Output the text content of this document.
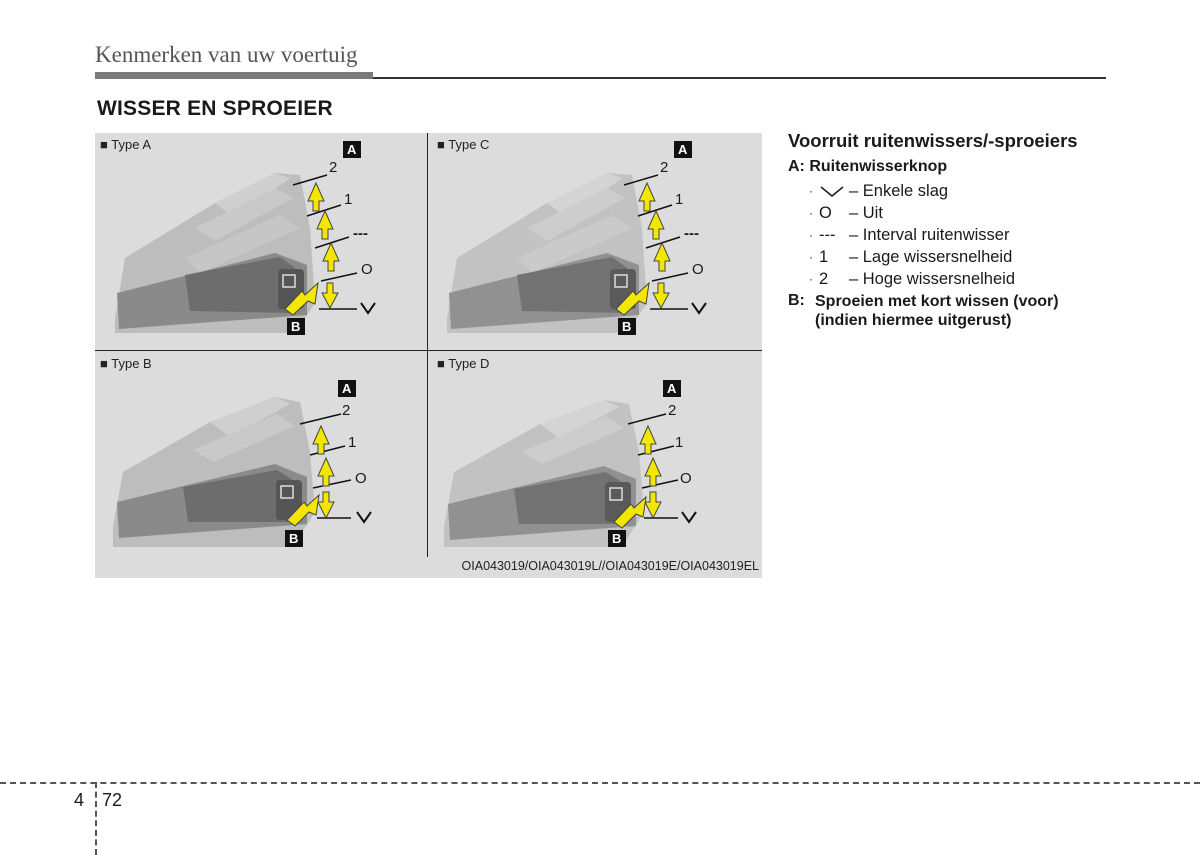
Kenmerken van uw voertuig
WISSER EN SPROEIER
■ Type A
2
1
---
O
A
B
■ Type C
2
1
---
O
A
B
■ Type B
2
1
O
A
B
■ Type D
2
1
O
A
B
OIA043019/OIA043019L//OIA043019E/OIA043019EL
Voorruit ruitenwissers/-sproeiers
A: Ruitenwisserknop
·	– Enkele slag
· O	– Uit
· --- – Interval ruitenwisser
· 1	– Lage wissersnelheid
· 2	– Hoge wissersnelheid
B: Sproeien met kort wissen (voor)
(indien hiermee uitgerust)
4 72
